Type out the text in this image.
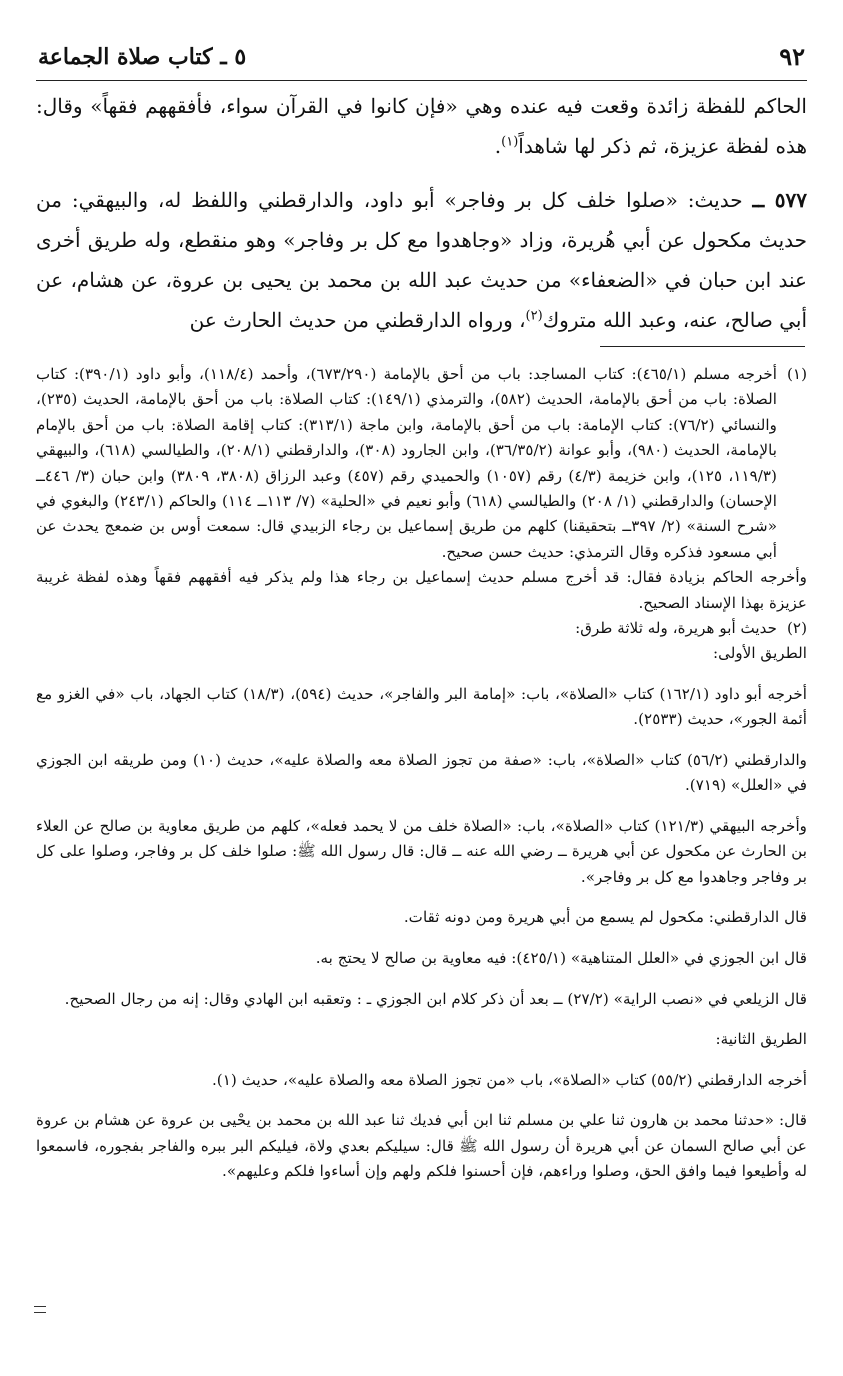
٩٢
٥ ـ كتاب صلاة الجماعة

الحاكم للفظة زائدة وقعت فيه عنده وهي «فإن كانوا في القرآن سواء، فأفقههم فقهاً» وقال: هذه لفظة عزيزة، ثم ذكر لها شاهداً$^{(١)}$.

٥٧٧ ــ حديث: «صلوا خلف كل بر وفاجر» أبو داود، والدارقطني واللفظ له، والبيهقي: من حديث مكحول عن أبي هُريرة، وزاد «وجاهدوا مع كل بر وفاجر» وهو منقطع، وله طريق أخرى عند ابن حبان في «الضعفاء» من حديث عبد الله بن محمد بن يحيى بن عروة، عن هشام، عن أبي صالح، عنه، وعبد الله متروك$^{(٢)}$، ورواه الدارقطني من حديث الحارث عن

(١)

أخرجه مسلم (٤٦٥/١): كتاب المساجد: باب من أحق بالإمامة (٦٧٣/٢٩٠)، وأحمد (١١٨/٤)، وأبو داود (٣٩٠/١): كتاب الصلاة: باب من أحق بالإمامة، الحديث (٥٨٢)، والترمذي (١٤٩/١): كتاب الصلاة: باب من أحق بالإمامة، الحديث (٢٣٥)، والنسائي (٧٦/٢): كتاب الإمامة: باب من أحق بالإمامة، وابن ماجة (٣١٣/١): كتاب إقامة الصلاة: باب من أحق بالإمام بالإمامة، الحديث (٩٨٠)، وأبو عوانة (٣٦/٣٥/٢)، وابن الجارود (٣٠٨)، والدارقطني (٢٠٨/١)، والطيالسي (٦١٨)، والبيهقي (١١٩/٣، ١٢٥)، وابن خزيمة (٤/٣) رقم (١٠٥٧) والحميدي رقم (٤٥٧) وعبد الرزاق (٣٨٠٨، ٣٨٠٩) وابن حبان (٣/ ٤٤٦ــ الإحسان) والدارقطني (١/ ٢٠٨) والطيالسي (٦١٨) وأبو نعيم في «الحلية» (٧/ ١١٣ــ ١١٤) والحاكم (٢٤٣/١) والبغوي في «شرح السنة» (٢/ ٣٩٧ــ بتحقيقنا) كلهم من طريق إسماعيل بن رجاء الزبيدي قال: سمعت أوس بن ضمعج يحدث عن أبي مسعود فذكره وقال الترمذي: حديث حسن صحيح.

وأخرجه الحاكم بزيادة فقال: قد أخرج مسلم حديث إسماعيل بن رجاء هذا ولم يذكر فيه أفقههم فقهاً وهذه لفظة غريبة عزيزة بهذا الإسناد الصحيح.

(٢)

حديث أبو هريرة، وله ثلاثة طرق:

الطريق الأولى:

أخرجه أبو داود (١٦٢/١) كتاب «الصلاة»، باب: «إمامة البر والفاجر»، حديث (٥٩٤)، (١٨/٣) كتاب الجهاد، باب «في الغزو مع أئمة الجور»، حديث (٢٥٣٣).

والدارقطني (٥٦/٢) كتاب «الصلاة»، باب: «صفة من تجوز الصلاة معه والصلاة عليه»، حديث (١٠) ومن طريقه ابن الجوزي في «العلل» (٧١٩).

وأخرجه البيهقي (١٢١/٣) كتاب «الصلاة»، باب: «الصلاة خلف من لا يحمد فعله»، كلهم من طريق معاوية بن صالح عن العلاء بن الحارث عن مكحول عن أبي هريرة ــ رضي الله عنه ــ قال: قال رسول الله ﷺ: صلوا خلف كل بر وفاجر، وصلوا على كل بر وفاجر وجاهدوا مع كل بر وفاجر».

قال الدارقطني: مكحول لم يسمع من أبي هريرة ومن دونه ثقات.

قال ابن الجوزي في «العلل المتناهية» (٤٢٥/١): فيه معاوية بن صالح لا يحتج به.

قال الزيلعي في «نصب الراية» (٢٧/٢) ــ بعد أن ذكر كلام ابن الجوزي ـ : وتعقبه ابن الهادي وقال: إنه من رجال الصحيح.

الطريق الثانية:

أخرجه الدارقطني (٥٥/٢) كتاب «الصلاة»، باب «من تجوز الصلاة معه والصلاة عليه»، حديث (١).

قال: «حدثنا محمد بن هارون ثنا علي بن مسلم ثنا ابن أبي فديك ثنا عبد الله بن محمد بن يحْيى بن عروة عن هشام بن عروة عن أبي صالح السمان عن أبي هريرة أن رسول الله ﷺ قال: سيليكم بعدي ولاة، فيليكم البر ببره والفاجر بفجوره، فاسمعوا له وأطيعوا فيما وافق الحق، وصلوا وراءهم، فإن أحسنوا فلكم ولهم وإن أساءوا فلكم وعليهم».
